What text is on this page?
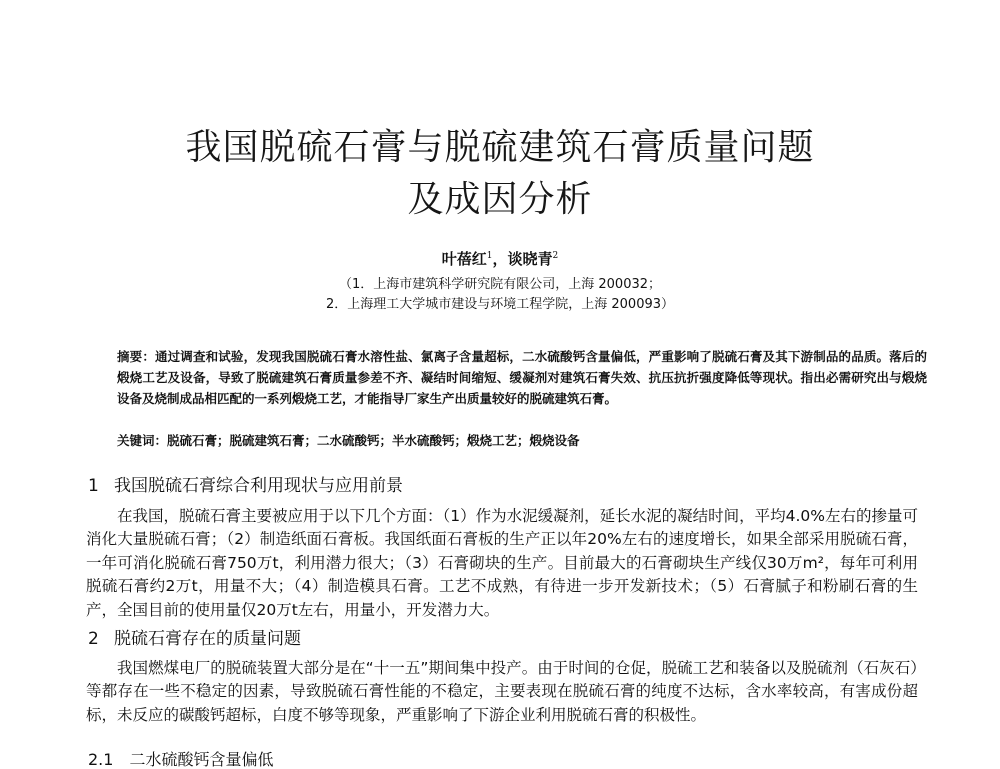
我国脱硫石膏与脱硫建筑石膏质量问题
及成因分析
叶蓓红$^1$，谈晓青$^2$
（1．上海市建筑科学研究院有限公司，上海 200032；
2．上海理工大学城市建设与环境工程学院，上海 200093）

摘要：通过调查和试验，发现我国脱硫石膏水溶性盐、氯离子含量超标，二水硫酸钙含量偏低，严重影响了脱硫石膏及其下游制品的品质。落后的煅烧工艺及设备，导致了脱硫建筑石膏质量参差不齐、凝结时间缩短、缓凝剂对建筑石膏失效、抗压抗折强度降低等现状。指出必需研究出与煅烧设备及烧制成品相匹配的一系列煅烧工艺，才能指导厂家生产出质量较好的脱硫建筑石膏。

关键词：脱硫石膏；脱硫建筑石膏；二水硫酸钙；半水硫酸钙；煅烧工艺；煅烧设备

1 我国脱硫石膏综合利用现状与应用前景

在我国，脱硫石膏主要被应用于以下几个方面：（1）作为水泥缓凝剂，延长水泥的凝结时间，平均4.0%左右的掺量可消化大量脱硫石膏；（2）制造纸面石膏板。我国纸面石膏板的生产正以年20%左右的速度增长，如果全部采用脱硫石膏，一年可消化脱硫石膏750万t，利用潜力很大；（3）石膏砌块的生产。目前最大的石膏砌块生产线仅30万m²，每年可利用脱硫石膏约2万t，用量不大；（4）制造模具石膏。工艺不成熟，有待进一步开发新技术；（5）石膏腻子和粉刷石膏的生产，全国目前的使用量仅20万t左右，用量小，开发潜力大。

2 脱硫石膏存在的质量问题

我国燃煤电厂的脱硫装置大部分是在“十一五”期间集中投产。由于时间的仓促，脱硫工艺和装备以及脱硫剂（石灰石）等都存在一些不稳定的因素，导致脱硫石膏性能的不稳定，主要表现在脱硫石膏的纯度不达标，含水率较高，有害成份超标，未反应的碳酸钙超标，白度不够等现象，严重影响了下游企业利用脱硫石膏的积极性。

2.1　二水硫酸钙含量偏低
